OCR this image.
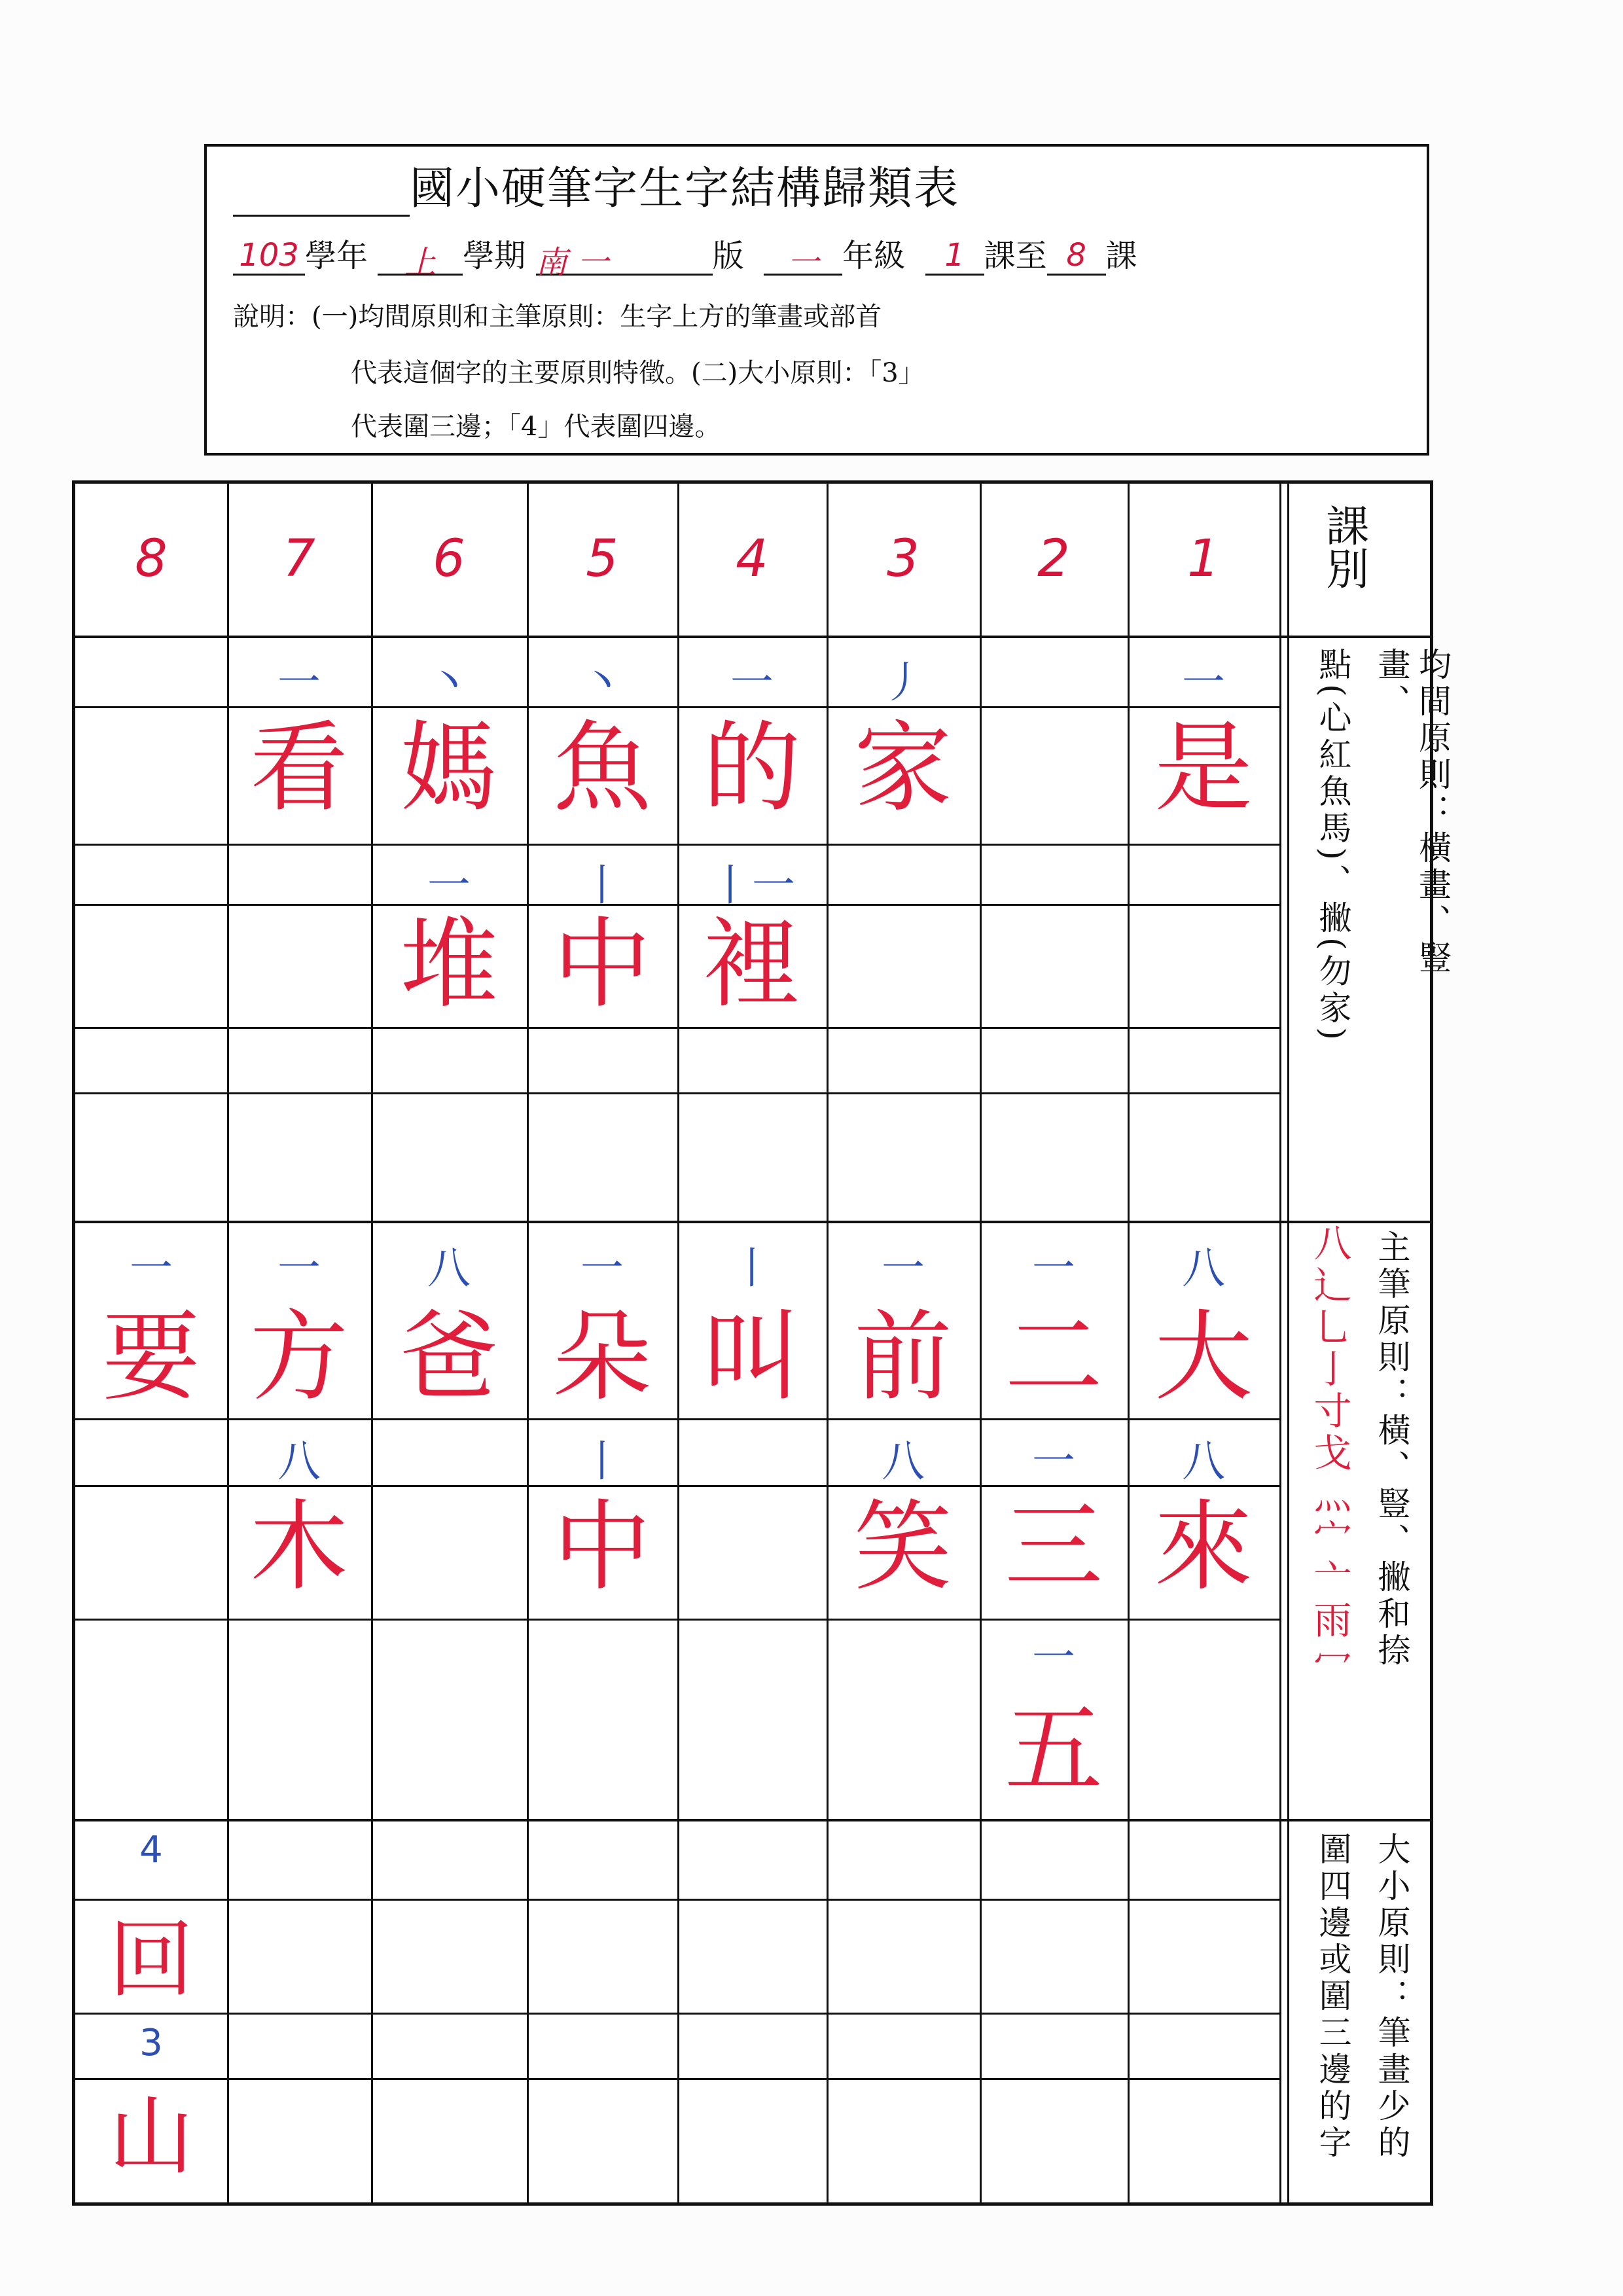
國小硬筆字生字結構歸類表
103 學年 上 學期 南 一	版 一 年級 1 課至 8 課
說明：(一)均間原則和主筆原則：生字上方的筆畫或部首
代表這個字的主要原則特徵。(二)大小原則：「3」
代表圍三邊；「4」代表圍四邊。
課別
均間原則：橫畫、豎畫、
點(心紅魚馬)、撇(勿家)
主筆原則：橫、豎、撇和捺
八辶乚亅寸戈灬宀亠雨冖
大小原則：筆畫少的
圍四邊或圍三邊的字
8 7 6 5 4 3 2 1
一
看
丶
媽
丶
魚
一
的
丿
家
一
是
一
堆
丨
中
丨一
裡
一
要
一
方
八
爸
一
朵
丨
叫
一
前
一
二
八
大
八
木
丨
中
八
笑
一
三
八
來
一
五
4
回
3
山
